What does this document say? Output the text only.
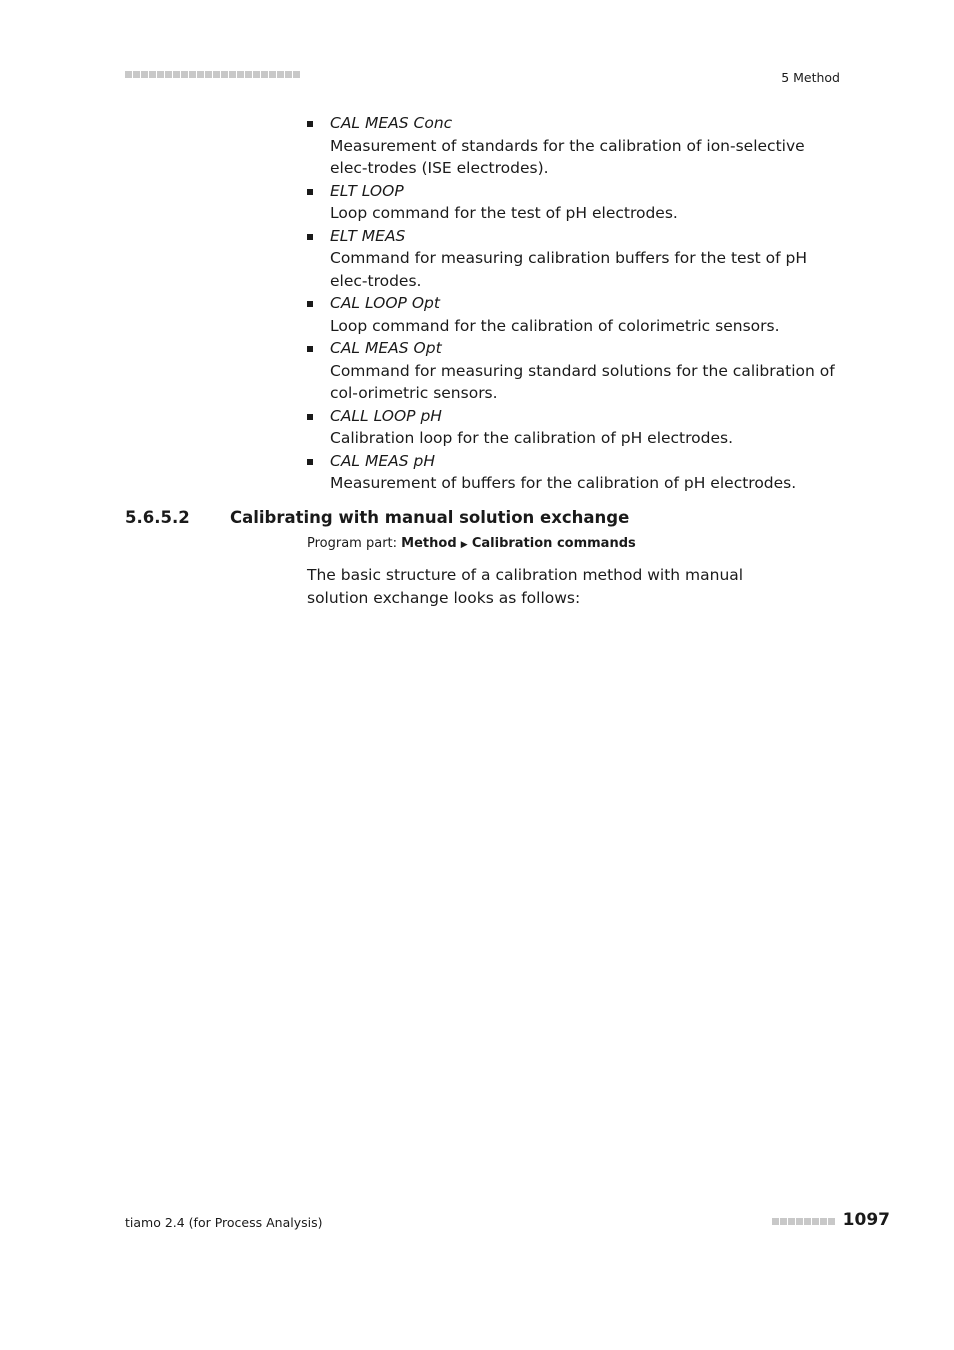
5 Method
CAL MEAS Conc
Measurement of standards for the calibration of ion-selective elec-trodes (ISE electrodes).
ELT LOOP
Loop command for the test of pH electrodes.
ELT MEAS
Command for measuring calibration buffers for the test of pH elec-trodes.
CAL LOOP Opt
Loop command for the calibration of colorimetric sensors.
CAL MEAS Opt
Command for measuring standard solutions for the calibration of col-orimetric sensors.
CALL LOOP pH
Calibration loop for the calibration of pH electrodes.
CAL MEAS pH
Measurement of buffers for the calibration of pH electrodes.
5.6.5.2 Calibrating with manual solution exchange
Program part: Method ▶ Calibration commands
The basic structure of a calibration method with manual solution exchange looks as follows:
tiamo 2.4 (for Process Analysis)	1097
